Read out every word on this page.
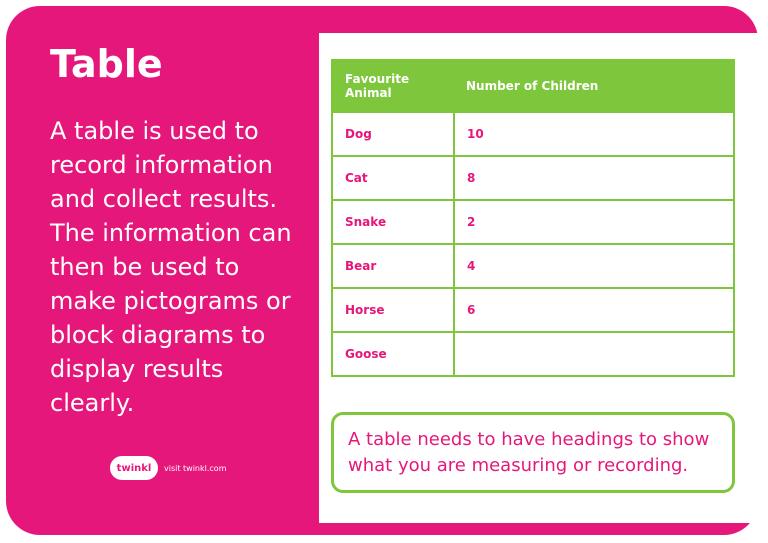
Table

A table is used to record information and collect results. The information can then be used to make pictograms or block diagrams to display results clearly.

twinkl visit twinkl.com
Favourite Animal	Number of Children
Dog	10
Cat	8
Snake	2
Bear	4
Horse	6
Goose	
A table needs to have headings to show what you are measuring or recording.
